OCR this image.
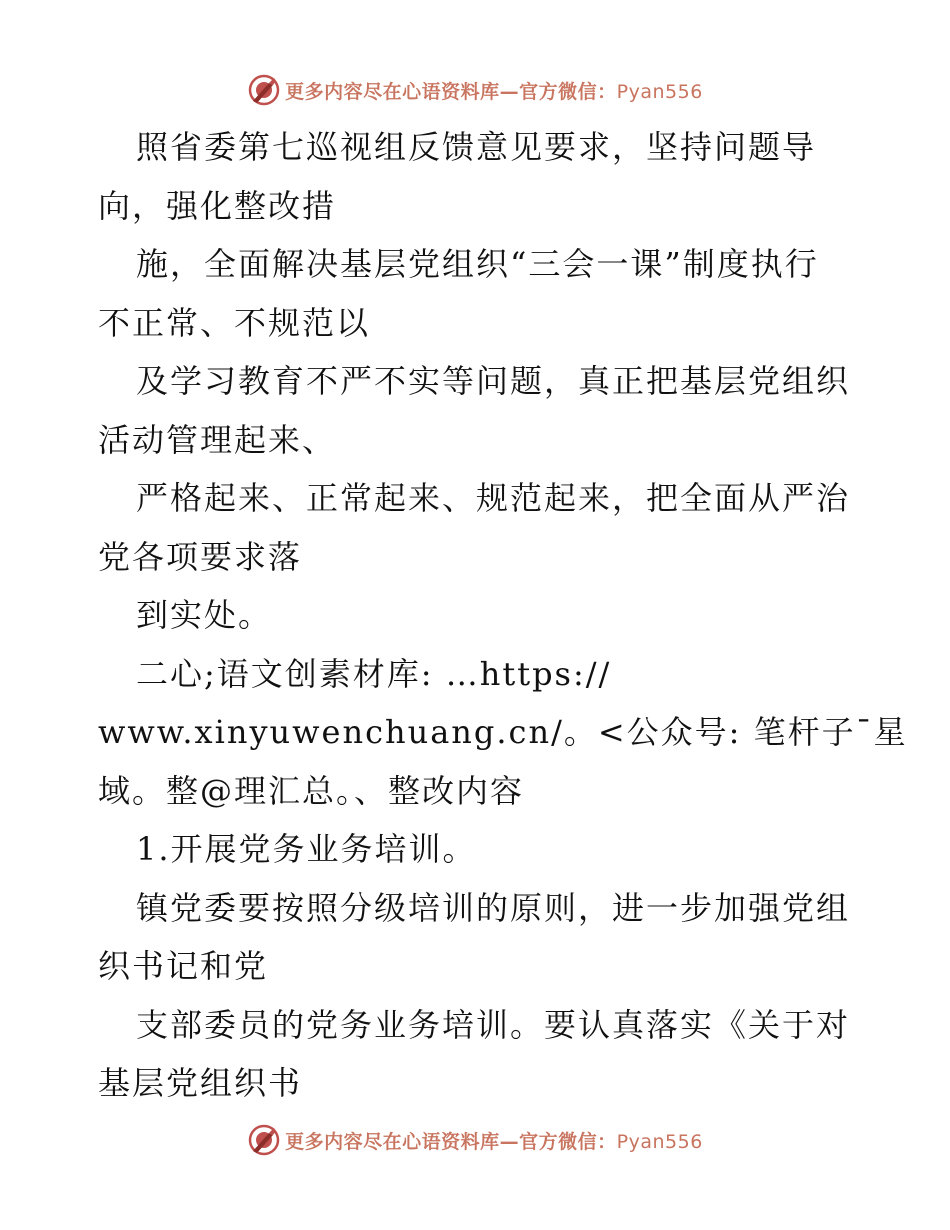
更多内容尽在心语资料库—官方微信：Pyan556
照省委第七巡视组反馈意见要求，坚持问题导
向，强化整改措
施，全面解决基层党组织“三会一课”制度执行
不正常、不规范以
及学习教育不严不实等问题，真正把基层党组织
活动管理起来、
严格起来、正常起来、规范起来，把全面从严治
党各项要求落
到实处。
二心;语文创素材库: …https://
www.xinyuwenchuang.cn/。<公众号: 笔杆子¯星
域。整@理汇总。、整改内容
1.开展党务业务培训。
镇党委要按照分级培训的原则，进一步加强党组
织书记和党
支部委员的党务业务培训。要认真落实《关于对
基层党组织书
更多内容尽在心语资料库—官方微信：Pyan556
